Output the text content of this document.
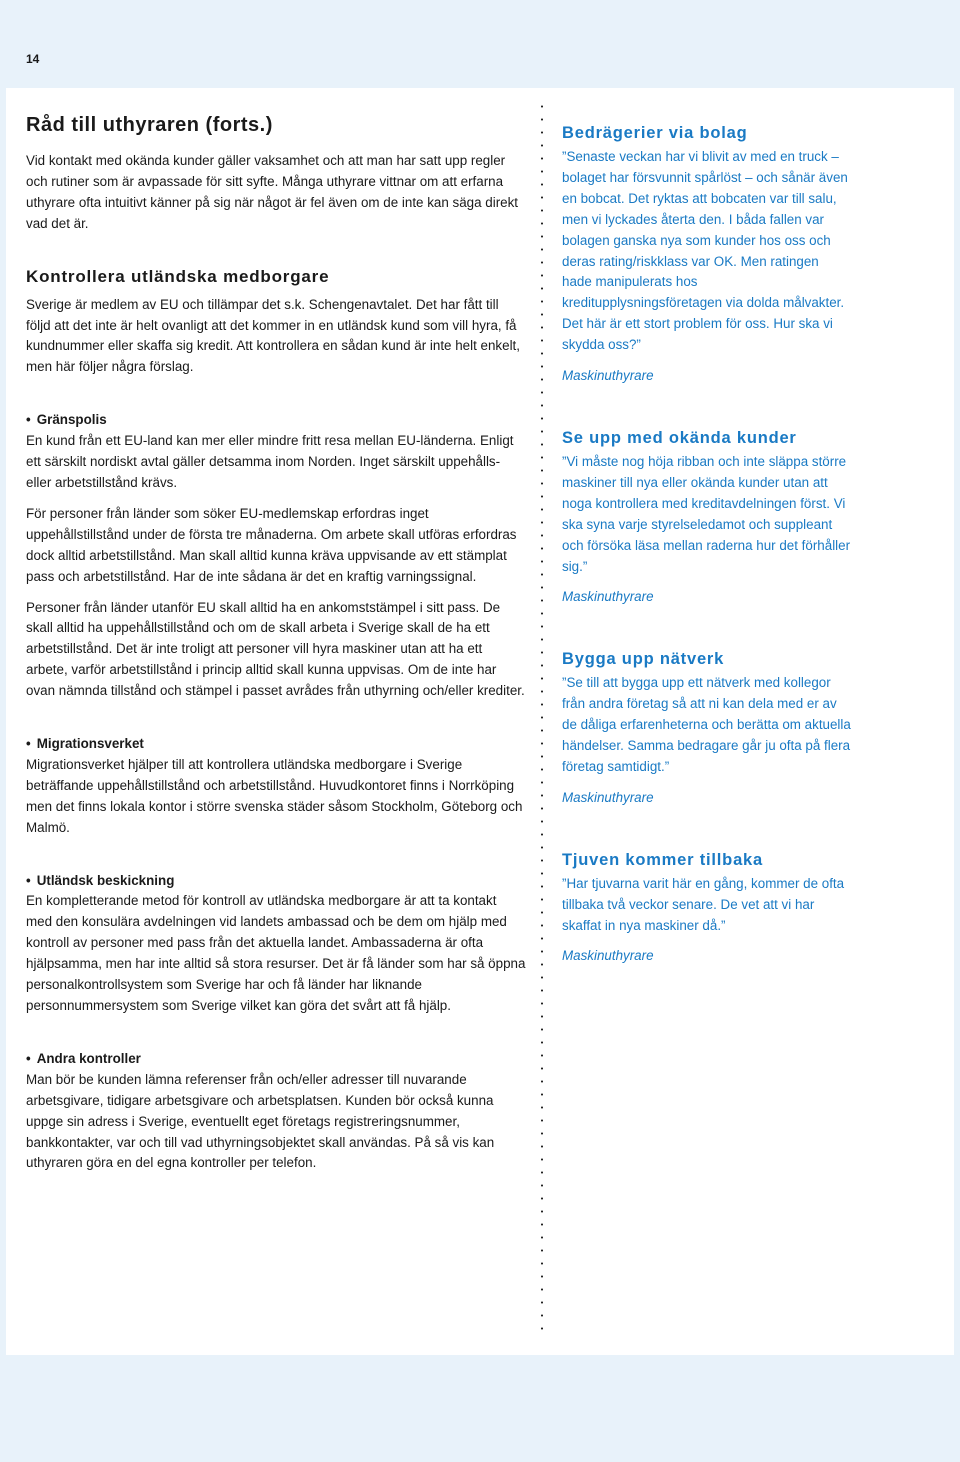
14
Råd till uthyraren (forts.)

Vid kontakt med okända kunder gäller vaksamhet och att man har satt upp regler och rutiner som är avpassade för sitt syfte. Många uthyrare vittnar om att erfarna uthyrare ofta intuitivt känner på sig när något är fel även om de inte kan säga direkt vad det är.

Kontrollera utländska medborgare

Sverige är medlem av EU och tillämpar det s.k. Schengenavtalet. Det har fått till följd att det inte är helt ovanligt att det kommer in en utländsk kund som vill hyra, få kundnummer eller skaffa sig kredit. Att kontrollera en sådan kund är inte helt enkelt, men här följer några förslag.

• Gränspolis

En kund från ett EU-land kan mer eller mindre fritt resa mellan EU-länderna. Enligt ett särskilt nordiskt avtal gäller detsamma inom Norden. Inget särskilt uppehålls- eller arbetstillstånd krävs.

För personer från länder som söker EU-medlemskap erfordras inget uppehållstillstånd under de första tre månaderna. Om arbete skall utföras erfordras dock alltid arbetstillstånd. Man skall alltid kunna kräva uppvisande av ett stämplat pass och arbetstillstånd. Har de inte sådana är det en kraftig varningssignal.

Personer från länder utanför EU skall alltid ha en ankomststämpel i sitt pass. De skall alltid ha uppehållstillstånd och om de skall arbeta i Sverige skall de ha ett arbetstillstånd. Det är inte troligt att personer vill hyra maskiner utan att ha ett arbete, varför arbetstillstånd i princip alltid skall kunna uppvisas. Om de inte har ovan nämnda tillstånd och stämpel i passet avrådes från uthyrning och/eller krediter.

• Migrationsverket

Migrationsverket hjälper till att kontrollera utländska medborgare i Sverige beträffande uppehållstillstånd och arbetstillstånd. Huvudkontoret finns i Norrköping men det finns lokala kontor i större svenska städer såsom Stockholm, Göteborg och Malmö.

• Utländsk beskickning

En kompletterande metod för kontroll av utländska medborgare är att ta kontakt med den konsulära avdelningen vid landets ambassad och be dem om hjälp med kontroll av personer med pass från det aktuella landet. Ambassaderna är ofta hjälpsamma, men har inte alltid så stora resurser. Det är få länder som har så öppna personalkontrollsystem som Sverige har och få länder har liknande personnummersystem som Sverige vilket kan göra det svårt att få hjälp.

• Andra kontroller

Man bör be kunden lämna referenser från och/eller adresser till nuvarande arbetsgivare, tidigare arbetsgivare och arbetsplatsen. Kunden bör också kunna uppge sin adress i Sverige, eventuellt eget företags registreringsnummer, bankkontakter, var och till vad uthyrningsobjektet skall användas. På så vis kan uthyraren göra en del egna kontroller per telefon.

Bedrägerier via bolag

”Senaste veckan har vi blivit av med en truck – bolaget har försvunnit spårlöst – och sånär även en bobcat. Det ryktas att bobcaten var till salu, men vi lyckades återta den. I båda fallen var bolagen ganska nya som kunder hos oss och deras rating/riskklass var OK. Men ratingen hade manipulerats hos kreditupplysningsföretagen via dolda målvakter. Det här är ett stort problem för oss. Hur ska vi skydda oss?”

Maskinuthyrare

Se upp med okända kunder

”Vi måste nog höja ribban och inte släppa större maskiner till nya eller okända kunder utan att noga kontrollera med kreditavdelningen först. Vi ska syna varje styrelseledamot och suppleant och försöka läsa mellan raderna hur det förhåller sig.”

Maskinuthyrare

Bygga upp nätverk

”Se till att bygga upp ett nätverk med kollegor från andra företag så att ni kan dela med er av de dåliga erfarenheterna och berätta om aktuella händelser. Samma bedragare går ju ofta på flera företag samtidigt.”

Maskinuthyrare

Tjuven kommer tillbaka

”Har tjuvarna varit här en gång, kommer de ofta tillbaka två veckor senare. De vet att vi har skaffat in nya maskiner då.”

Maskinuthyrare
